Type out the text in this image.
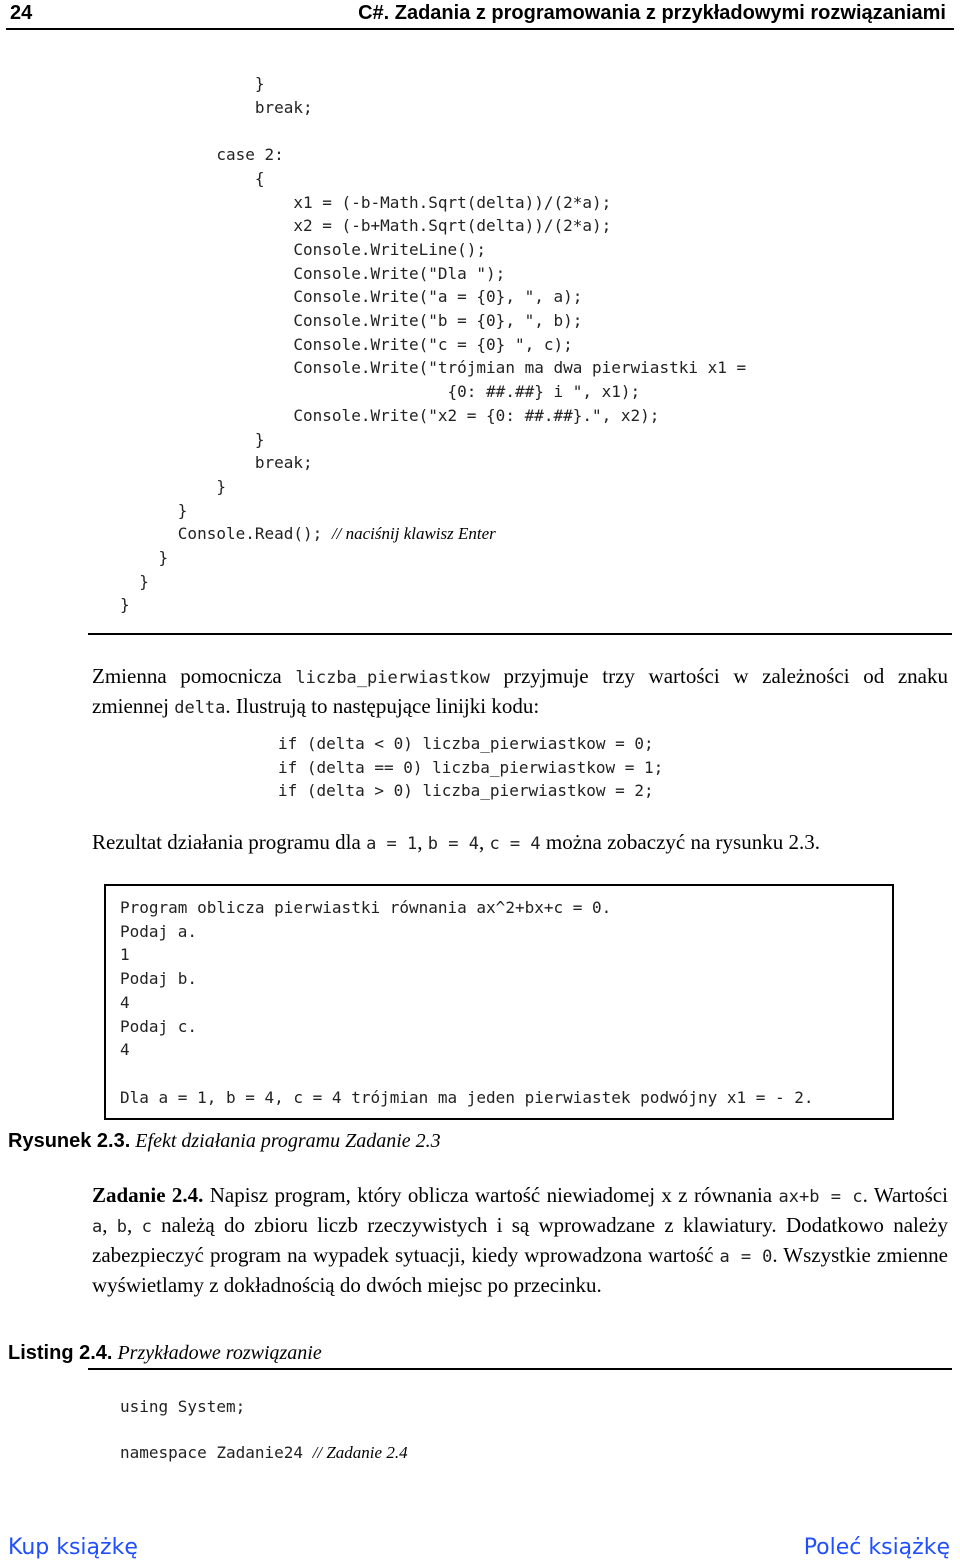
24	C#. Zadania z programowania z przykładowymi rozwiązaniami
}
break;

case 2:
{
x1 = (-b-Math.Sqrt(delta))/(2*a);
x2 = (-b+Math.Sqrt(delta))/(2*a);
Console.WriteLine();
Console.Write("Dla ");
Console.Write("a = {0}, ", a);
Console.Write("b = {0}, ", b);
Console.Write("c = {0} ", c);
Console.Write("trójmian ma dwa pierwiastki x1 =
{0: ##.##} i ", x1);
Console.Write("x2 = {0: ##.##}.", x2);
}
break;
}
}
Console.Read(); // naciśnij klawisz Enter
}
}
}

Zmienna pomocnicza liczba_pierwiastkow przyjmuje trzy wartości w zależności od znaku zmiennej delta. Ilustrują to następujące linijki kodu:

if (delta < 0) liczba_pierwiastkow = 0;
if (delta == 0) liczba_pierwiastkow = 1;
if (delta > 0) liczba_pierwiastkow = 2;

Rezultat działania programu dla a = 1, b = 4, c = 4 można zobaczyć na rysunku 2.3.

Program oblicza pierwiastki równania ax^2+bx+c = 0.
Podaj a.
1
Podaj b.
4
Podaj c.
4

Dla a = 1, b = 4, c = 4 trójmian ma jeden pierwiastek podwójny x1 = - 2.
Rysunek 2.3. Efekt działania programu Zadanie 2.3

Zadanie 2.4. Napisz program, który oblicza wartość niewiadomej x z równania ax+b = c. Wartości a, b, c należą do zbioru liczb rzeczywistych i są wprowadzane z klawiatury. Dodatkowo należy zabezpieczyć program na wypadek sytuacji, kiedy wprowadzona wartość a = 0. Wszystkie zmienne wyświetlamy z dokładnością do dwóch miejsc po przecinku.

Listing 2.4. Przykładowe rozwiązanie
using System;
namespace Zadanie24 // Zadanie 2.4
Kup książkę	Poleć książkę
